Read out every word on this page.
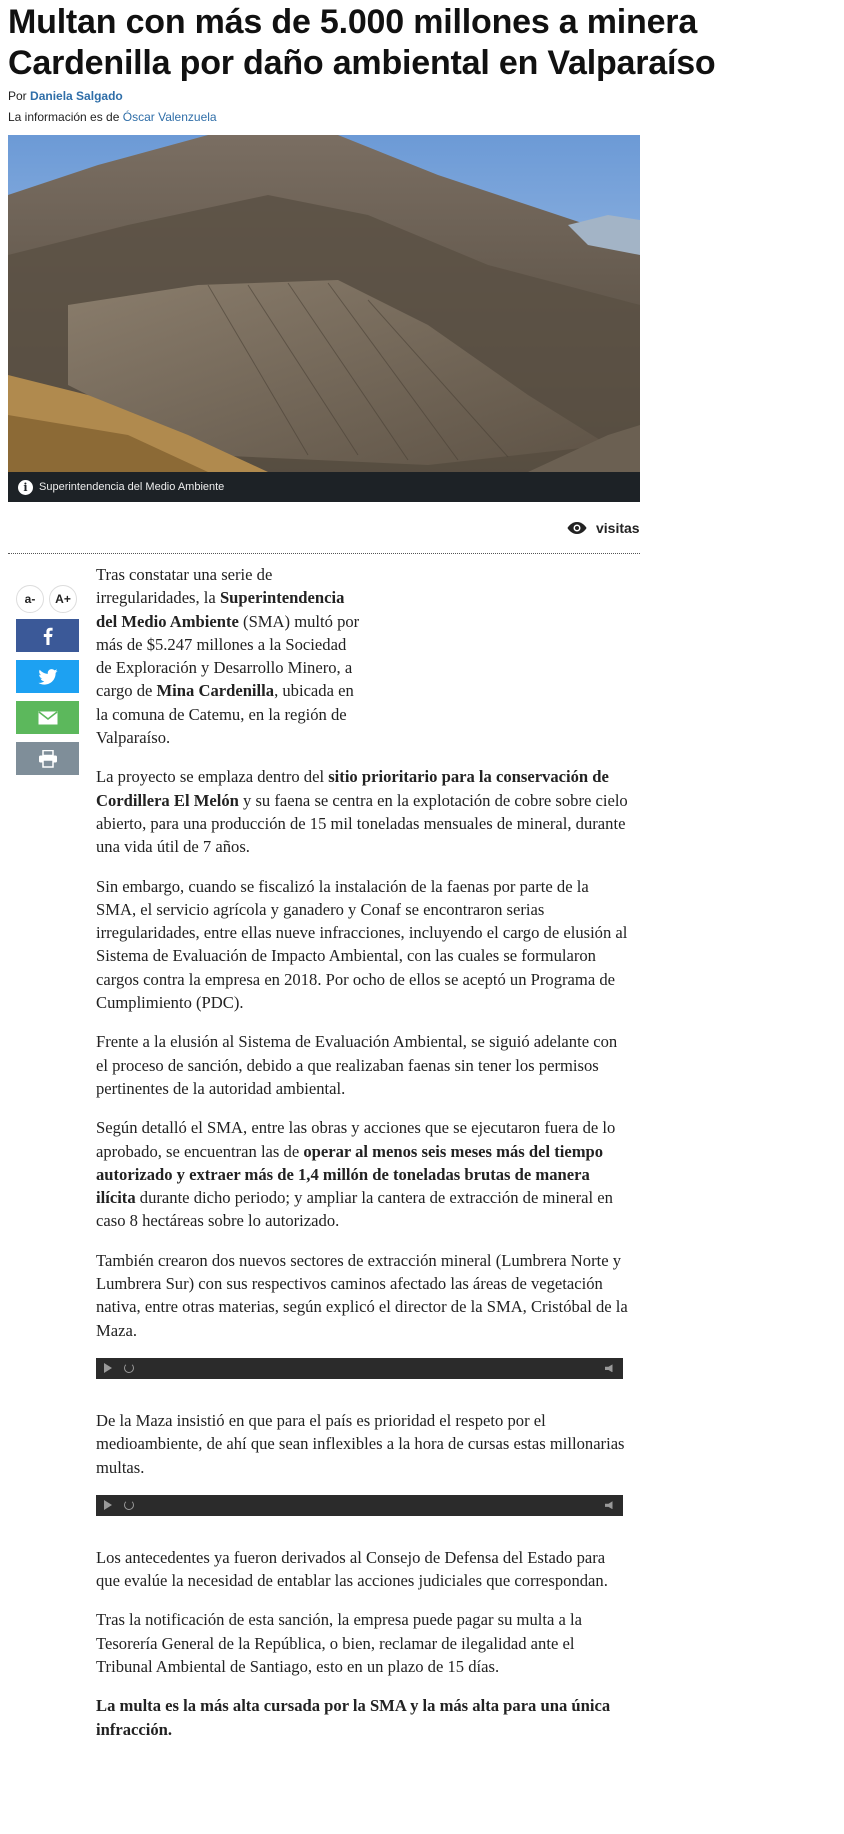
Multan con más de 5.000 millones a minera Cardenilla por daño ambiental en Valparaíso
Por Daniela Salgado
La información es de Óscar Valenzuela
i	Superintendencia del Medio Ambiente
visitas
a-	A+

Tras constatar una serie de irregularidades, la Superintendencia del Medio Ambiente (SMA) multó por más de $5.247 millones a la Sociedad de Exploración y Desarrollo Minero, a cargo de Mina Cardenilla, ubicada en la comuna de Catemu, en la región de Valparaíso.

La proyecto se emplaza dentro del sitio prioritario para la conservación de Cordillera El Melón y su faena se centra en la explotación de cobre sobre cielo abierto, para una producción de 15 mil toneladas mensuales de mineral, durante una vida útil de 7 años.

Sin embargo, cuando se fiscalizó la instalación de la faenas por parte de la SMA, el servicio agrícola y ganadero y Conaf se encontraron serias irregularidades, entre ellas nueve infracciones, incluyendo el cargo de elusión al Sistema de Evaluación de Impacto Ambiental, con las cuales se formularon cargos contra la empresa en 2018. Por ocho de ellos se aceptó un Programa de Cumplimiento (PDC).

Frente a la elusión al Sistema de Evaluación Ambiental, se siguió adelante con el proceso de sanción, debido a que realizaban faenas sin tener los permisos pertinentes de la autoridad ambiental.

Según detalló el SMA, entre las obras y acciones que se ejecutaron fuera de lo aprobado, se encuentran las de operar al menos seis meses más del tiempo autorizado y extraer más de 1,4 millón de toneladas brutas de manera ilícita durante dicho periodo; y ampliar la cantera de extracción de mineral en caso 8 hectáreas sobre lo autorizado.

También crearon dos nuevos sectores de extracción mineral (Lumbrera Norte y Lumbrera Sur) con sus respectivos caminos afectado las áreas de vegetación nativa, entre otras materias, según explicó el director de la SMA, Cristóbal de la Maza.

De la Maza insistió en que para el país es prioridad el respeto por el medioambiente, de ahí que sean inflexibles a la hora de cursas estas millonarias multas.

Los antecedentes ya fueron derivados al Consejo de Defensa del Estado para que evalúe la necesidad de entablar las acciones judiciales que correspondan.

Tras la notificación de esta sanción, la empresa puede pagar su multa a la Tesorería General de la República, o bien, reclamar de ilegalidad ante el Tribunal Ambiental de Santiago, esto en un plazo de 15 días.

La multa es la más alta cursada por la SMA y la más alta para una única infracción.
